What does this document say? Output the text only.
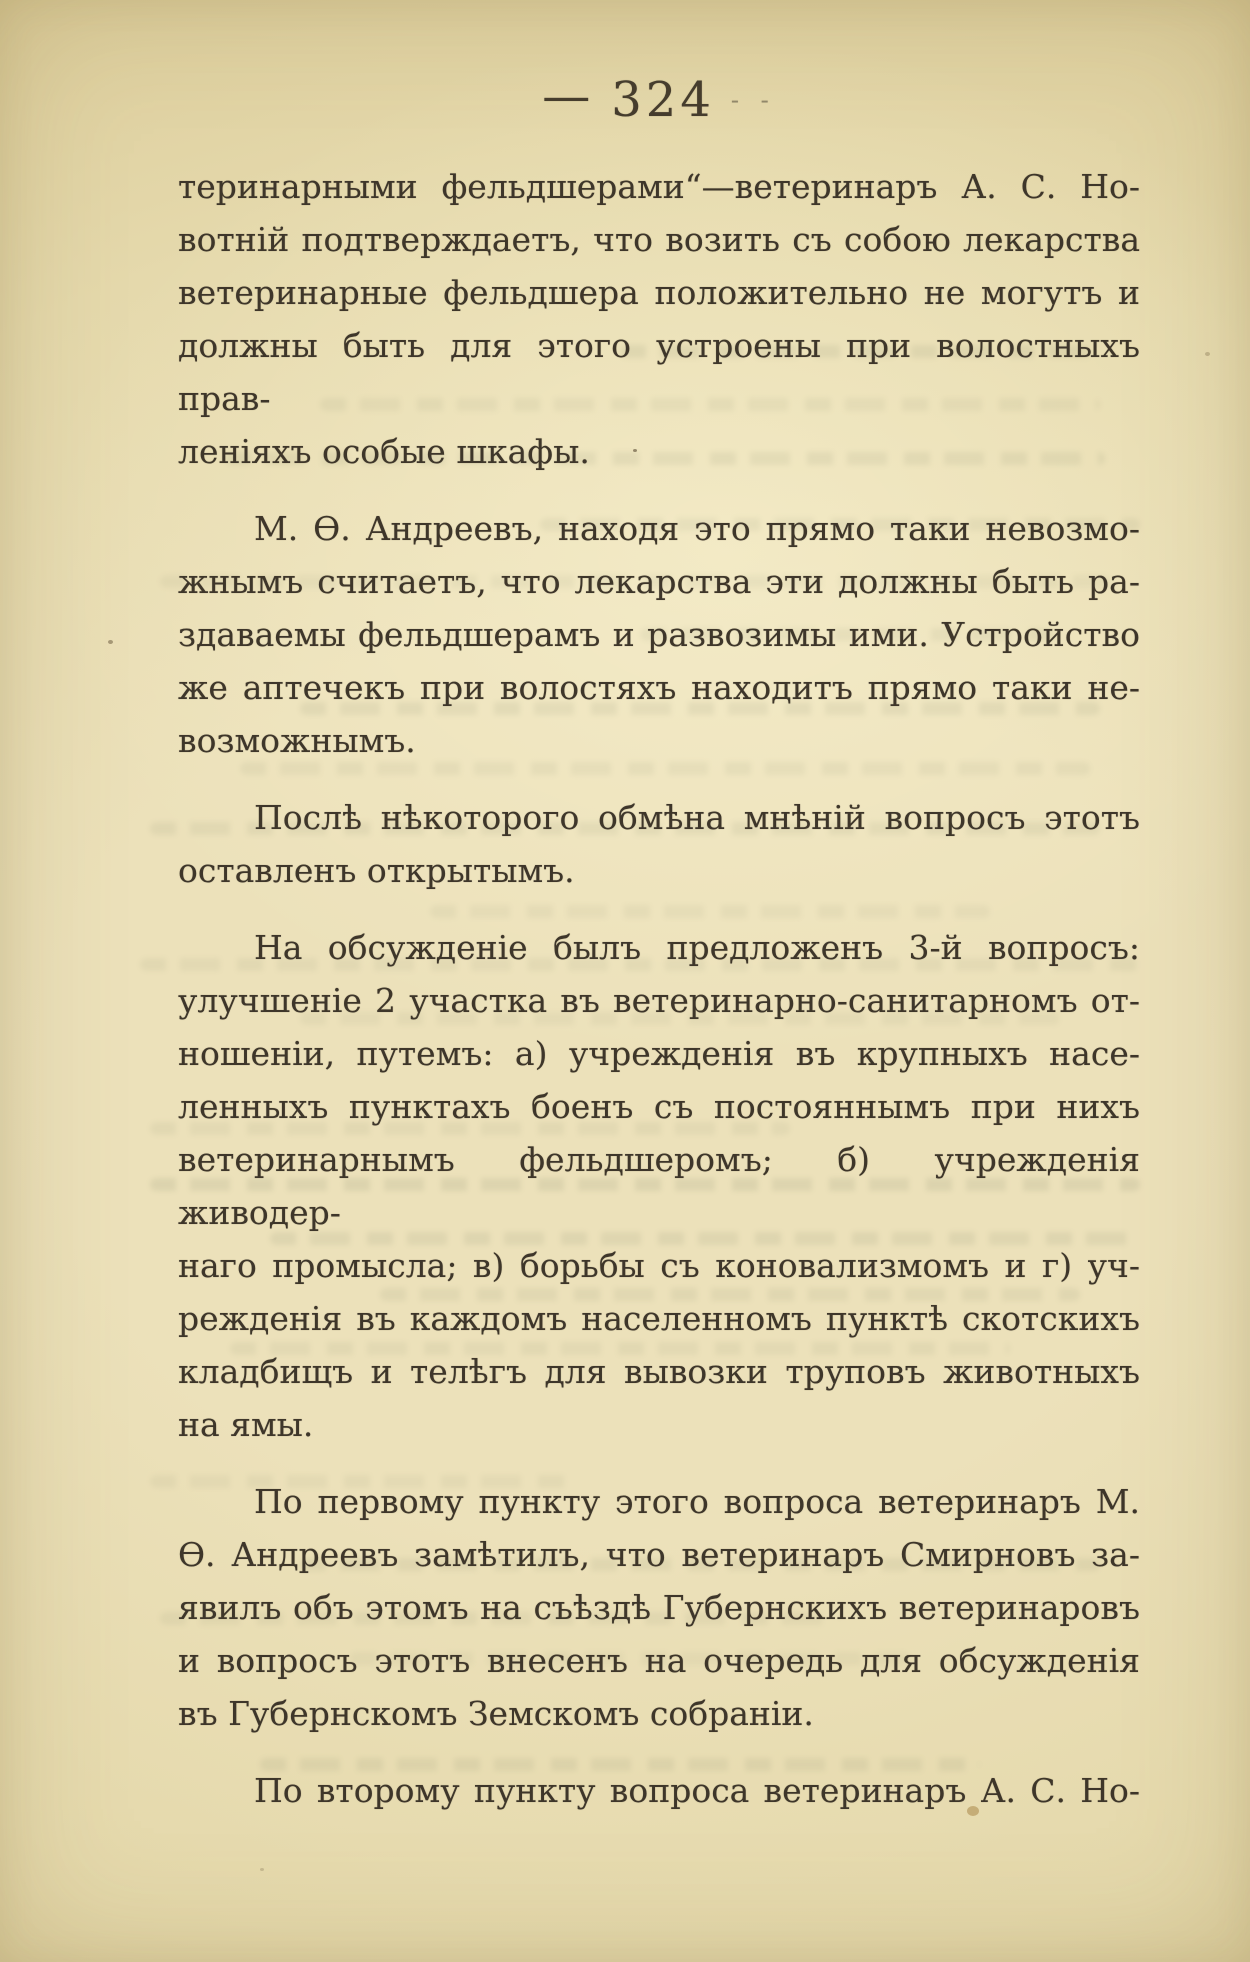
— 324 - -
теринарными фельдшерами“—ветеринаръ А. С. Но-
вотній подтверждаетъ, что возить съ собою лекарства
ветеринарные фельдшера положительно не могутъ и
должны быть для этого устроены при волостныхъ прав-
леніяхъ особые шкафы.
М. Ѳ. Андреевъ, находя это прямо таки невозмо-
жнымъ считаетъ, что лекарства эти должны быть ра-
здаваемы фельдшерамъ и развозимы ими. Устройство
же аптечекъ при волостяхъ находитъ прямо таки не-
возможнымъ.
Послѣ нѣкоторого обмѣна мнѣній вопросъ этотъ
оставленъ открытымъ.
На обсужденіе былъ предложенъ 3-й вопросъ:
улучшеніе 2 участка въ ветеринарно-санитарномъ от-
ношеніи, путемъ: а) учрежденія въ крупныхъ насе-
ленныхъ пунктахъ боенъ съ постояннымъ при нихъ
ветеринарнымъ фельдшеромъ; б) учрежденія живодер-
наго промысла; в) борьбы съ коновализмомъ и г) уч-
режденія въ каждомъ населенномъ пунктѣ скотскихъ
кладбищъ и телѣгъ для вывозки труповъ животныхъ
на ямы.
По первому пункту этого вопроса ветеринаръ М.
Ѳ. Андреевъ замѣтилъ, что ветеринаръ Смирновъ за-
явилъ объ этомъ на съѣздѣ Губернскихъ ветеринаровъ
и вопросъ этотъ внесенъ на очередь для обсужденія
въ Губернскомъ Земскомъ собраніи.
По второму пункту вопроса ветеринаръ А. С. Но-
